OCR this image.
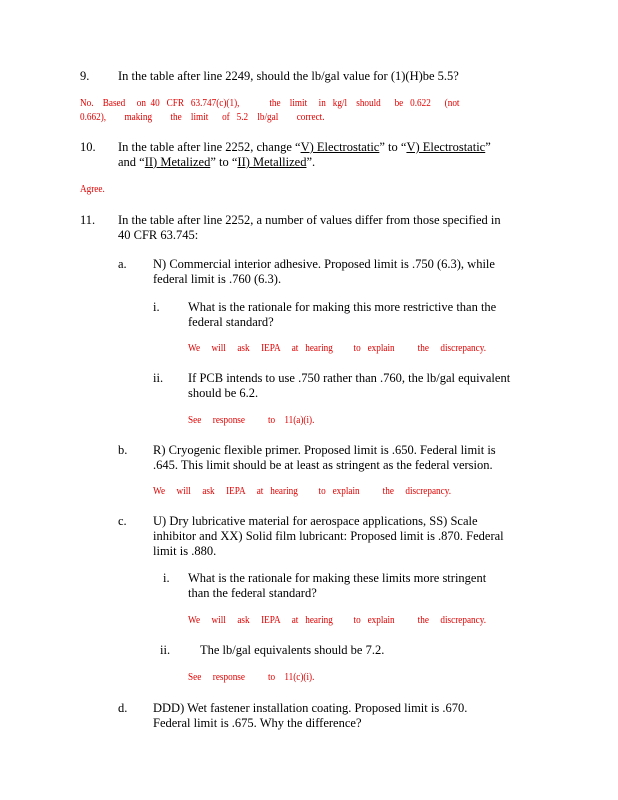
9. In the table after line 2249, should the lb/gal value for (1)(H)be 5.5?
No.    Based     on  40   CFR   63.747(c)(1),             the    limit     in   kg/l    should      be   0.622      (not
0.662),        making        the    limit      of   5.2    lb/gal        correct.
10. In the table after line 2252, change “V) Electrostatic” to “V) Electrostatic”
and “II) Metalized” to “II) Metallized”.
Agree.
11. In the table after line 2252, a number of values differ from those specified in
40 CFR 63.745:
a. N) Commercial interior adhesive. Proposed limit is .750 (6.3), while
federal limit is .760 (6.3).
i. What is the rationale for making this more restrictive than the
federal standard?
We     will     ask     IEPA     at   hearing         to   explain          the     discrepancy.
ii. If PCB intends to use .750 rather than .760, the lb/gal equivalent
should be 6.2.
See     response          to    11(a)(i).
b. R) Cryogenic flexible primer. Proposed limit is .650. Federal limit is
.645. This limit should be at least as stringent as the federal version.
We     will     ask     IEPA     at   hearing         to   explain          the     discrepancy.
c. U) Dry lubricative material for aerospace applications, SS) Scale
inhibitor and XX) Solid film lubricant: Proposed limit is .870. Federal
limit is .880.
i. What is the rationale for making these limits more stringent
than the federal standard?
We     will     ask     IEPA     at   hearing         to   explain          the     discrepancy.
ii. The lb/gal equivalents should be 7.2.
See     response          to    11(c)(i).
d. DDD) Wet fastener installation coating. Proposed limit is .670.
Federal limit is .675. Why the difference?
